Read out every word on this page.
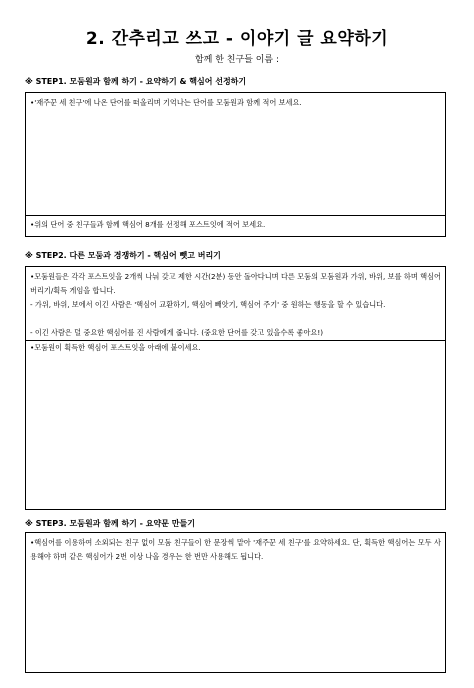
2. 간추리고 쓰고 - 이야기 글 요약하기
함께 한 친구들 이름 :
※ STEP1. 모둠원과 함께 하기 - 요약하기 & 핵심어 선정하기
•'재주꾼 세 친구'에 나온 단어를 떠올리며 기억나는 단어를 모둠원과 함께 적어 보세요.
•위의 단어 중 친구들과 함께 핵심어 8개를 선정해 포스트잇에 적어 보세요.
※ STEP2. 다른 모둠과 경쟁하기 - 핵심어 뺏고 버리기
•모둠원들은 각각 포스트잇을 2개씩 나눠 갖고 제한 시간(2분) 동안 돌아다니며 다른 모둠의 모둠원과 가위, 바위, 보를 하며 핵심어 버리기/획득 게임을 합니다.
- 가위, 바위, 보에서 이긴 사람은 '핵심어 교환하기, 핵심어 빼앗기, 핵심어 주기' 중 원하는 행동을 할 수 있습니다.
- 이긴 사람은 덜 중요한 핵심어를 진 사람에게 줍니다. (중요한 단어를 갖고 있을수록 좋아요!)
•모둠원이 획득한 핵심어 포스트잇을 아래에 붙이세요.
※ STEP3. 모둠원과 함께 하기 - 요약문 만들기
•핵심어를 이용하여 소외되는 친구 없이 모둠 친구들이 한 문장씩 맡아 '재주꾼 세 친구'를 요약하세요. 단, 획득한 핵심어는 모두 사용해야 하며 같은 핵심어가 2번 이상 나올 경우는 한 번만 사용해도 됩니다.
